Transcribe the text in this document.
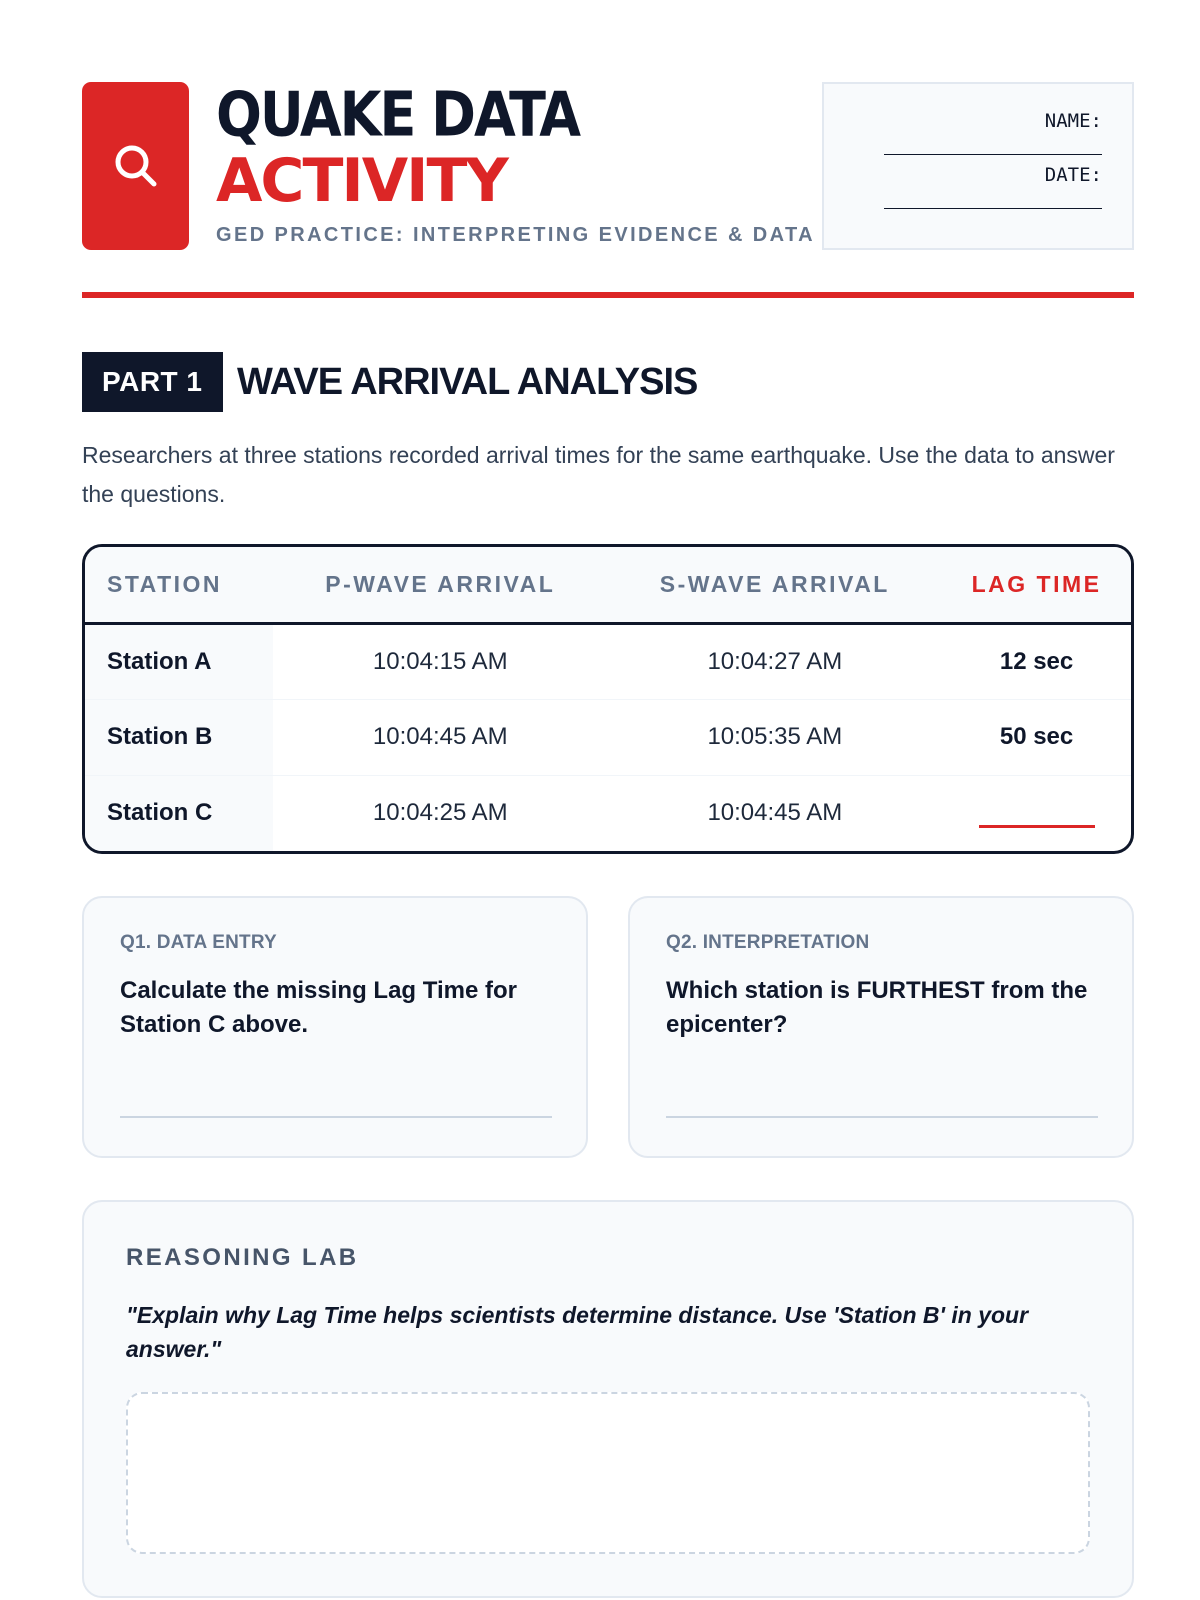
QUAKE DATA
ACTIVITY
GED PRACTICE: INTERPRETING EVIDENCE & DATA
NAME:
DATE:
PART 1 WAVE ARRIVAL ANALYSIS

Researchers at three stations recorded arrival times for the same earthquake. Use the data to answer the questions.

STATION	P-WAVE ARRIVAL	S-WAVE ARRIVAL	LAG TIME
Station A	10:04:15 AM	10:04:27 AM	12 sec
Station B	10:04:45 AM	10:05:35 AM	50 sec
Station C	10:04:25 AM	10:04:45 AM	
Q1. DATA ENTRY
Calculate the missing Lag Time for Station C above.
Q2. INTERPRETATION
Which station is FURTHEST from the epicenter?
REASONING LAB
"Explain why Lag Time helps scientists determine distance. Use 'Station B' in your answer."
